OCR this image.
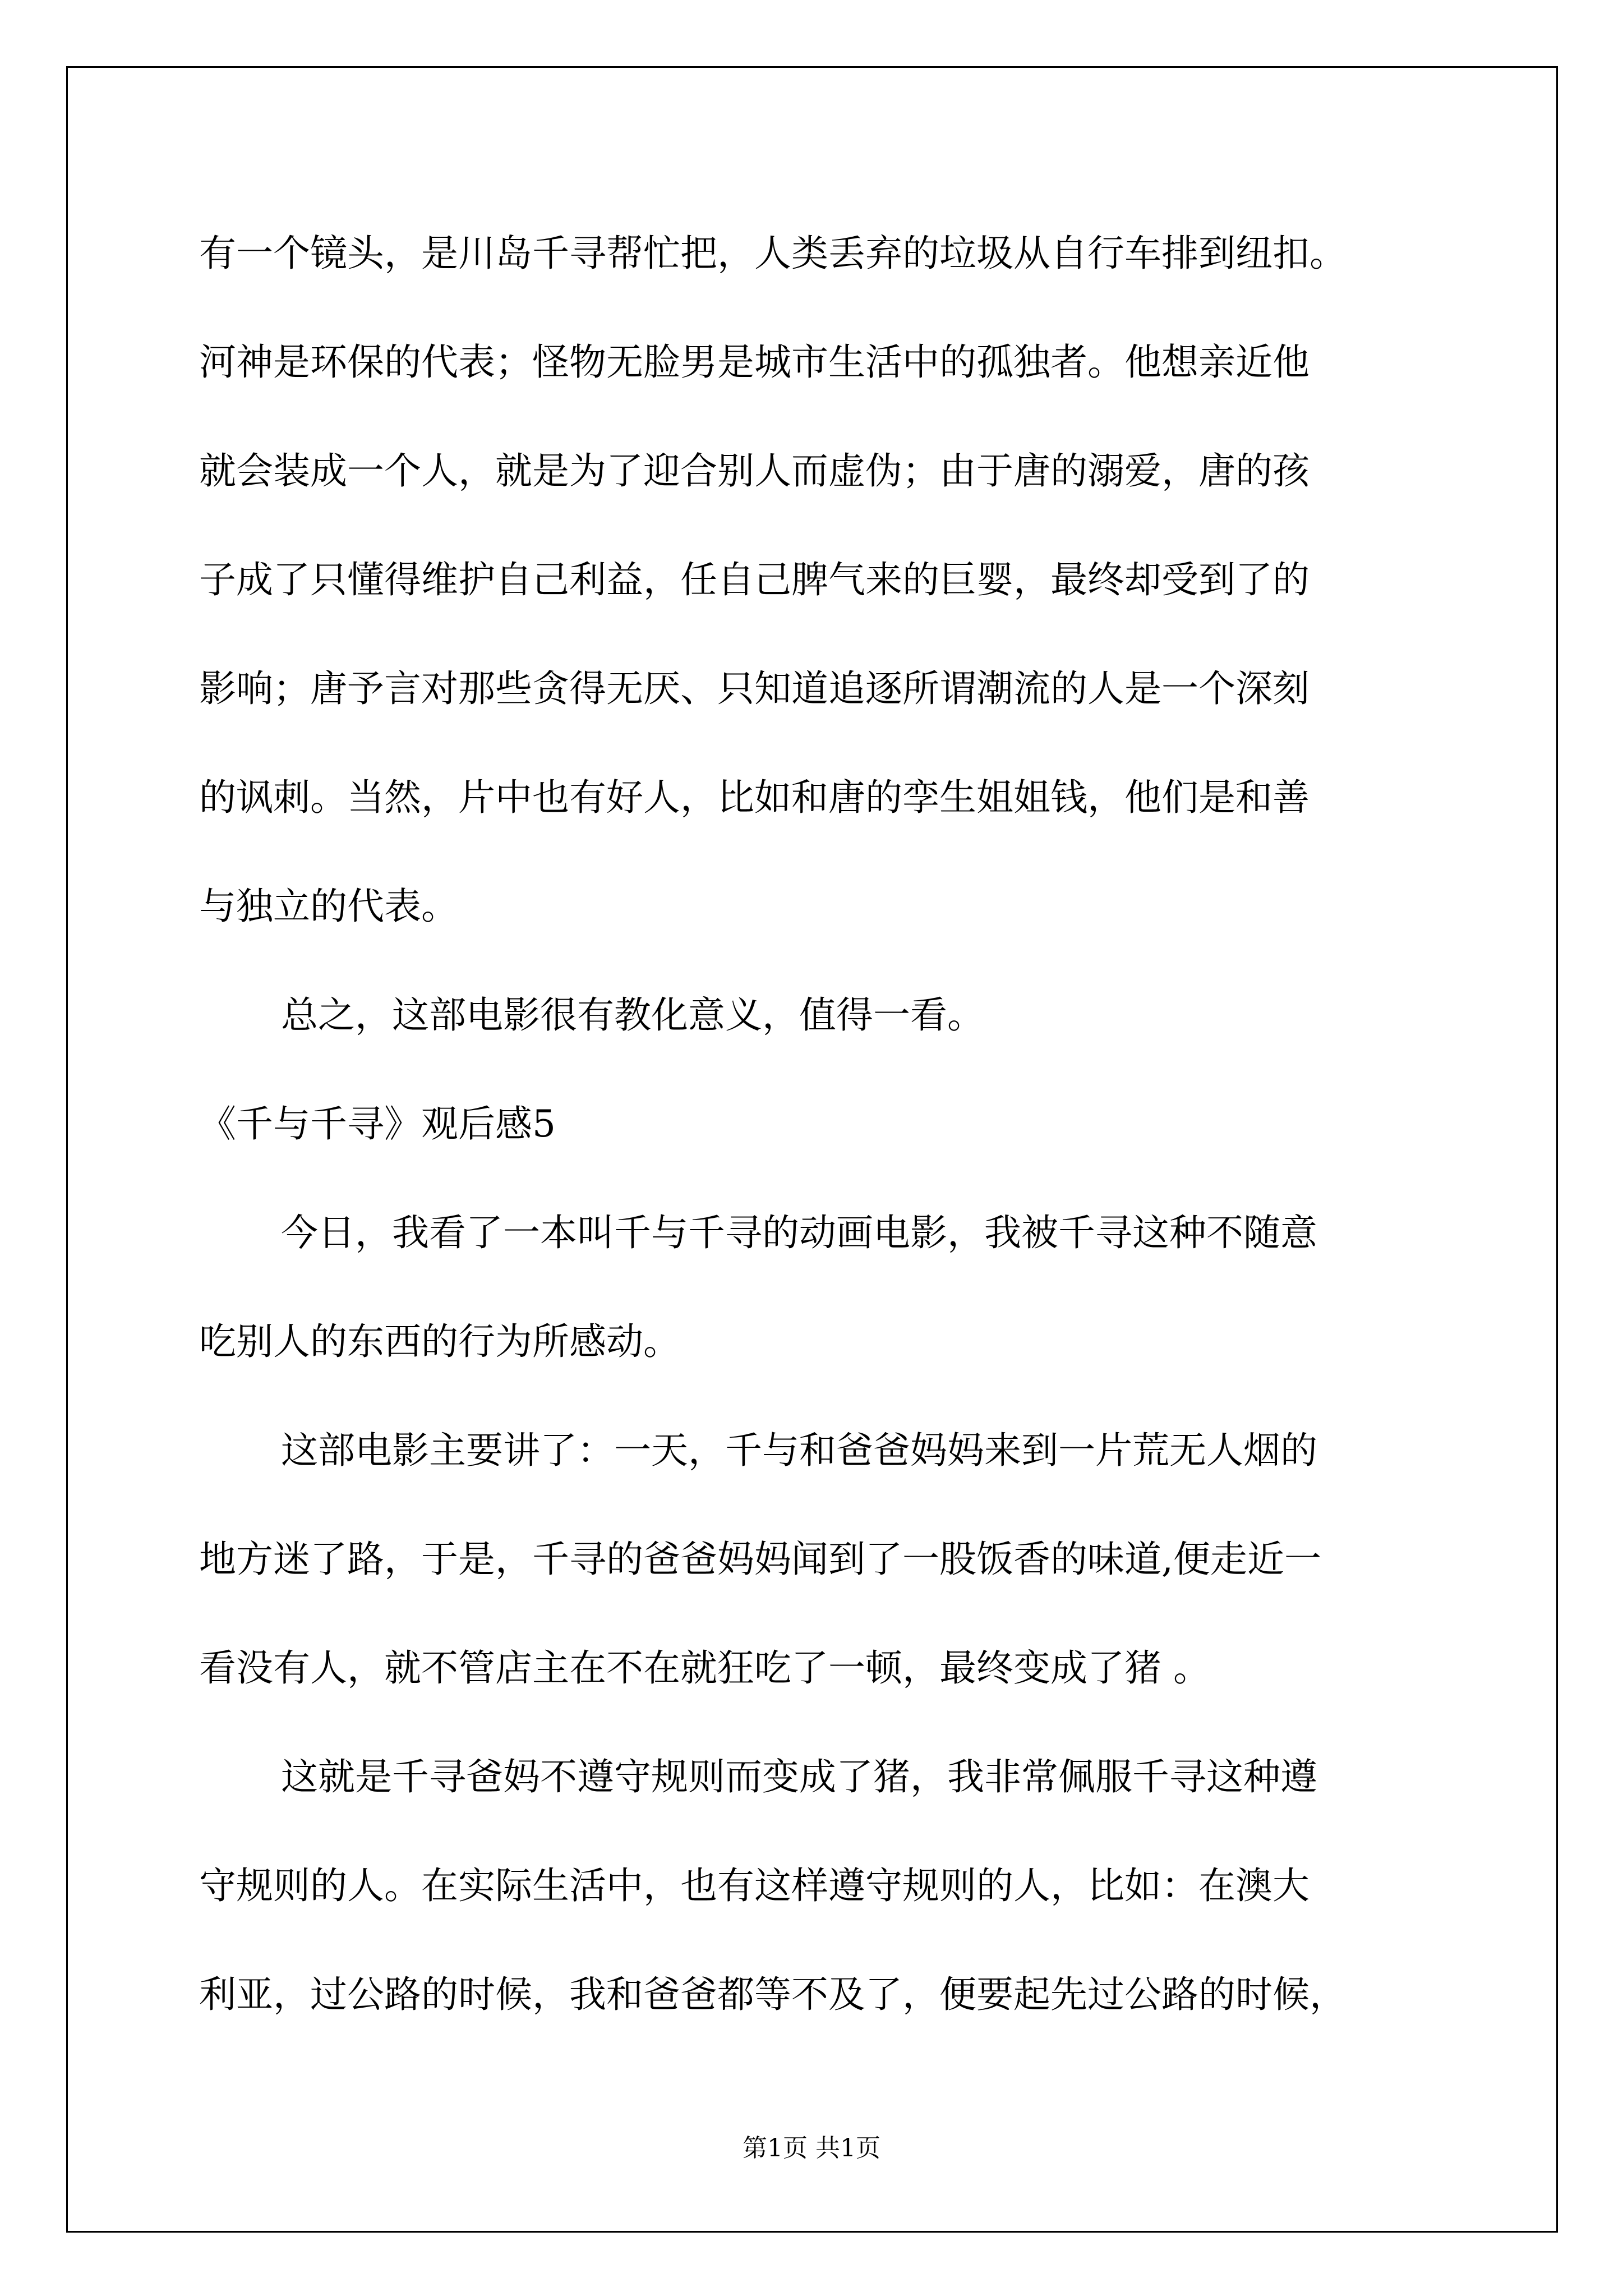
有一个镜头，是川岛千寻帮忙把，人类丢弃的垃圾从自行车排到纽扣。
河神是环保的代表；怪物无脸男是城市生活中的孤独者。他想亲近他
就会装成一个人，就是为了迎合别人而虚伪；由于唐的溺爱，唐的孩
子成了只懂得维护自己利益，任自己脾气来的巨婴，最终却受到了的
影响；唐予言对那些贪得无厌、只知道追逐所谓潮流的人是一个深刻
的讽刺。当然，片中也有好人，比如和唐的孪生姐姐钱，他们是和善
与独立的代表。
总之，这部电影很有教化意义，值得一看。
《千与千寻》观后感5
今日，我看了一本叫千与千寻的动画电影，我被千寻这种不随意
吃别人的东西的行为所感动。
这部电影主要讲了：一天，千与和爸爸妈妈来到一片荒无人烟的
地方迷了路，于是，千寻的爸爸妈妈闻到了一股饭香的味道,便走近一
看没有人，就不管店主在不在就狂吃了一顿，最终变成了猪 。
这就是千寻爸妈不遵守规则而变成了猪，我非常佩服千寻这种遵
守规则的人。在实际生活中，也有这样遵守规则的人，比如：在澳大
利亚，过公路的时候，我和爸爸都等不及了，便要起先过公路的时候，
第1页 共1页
